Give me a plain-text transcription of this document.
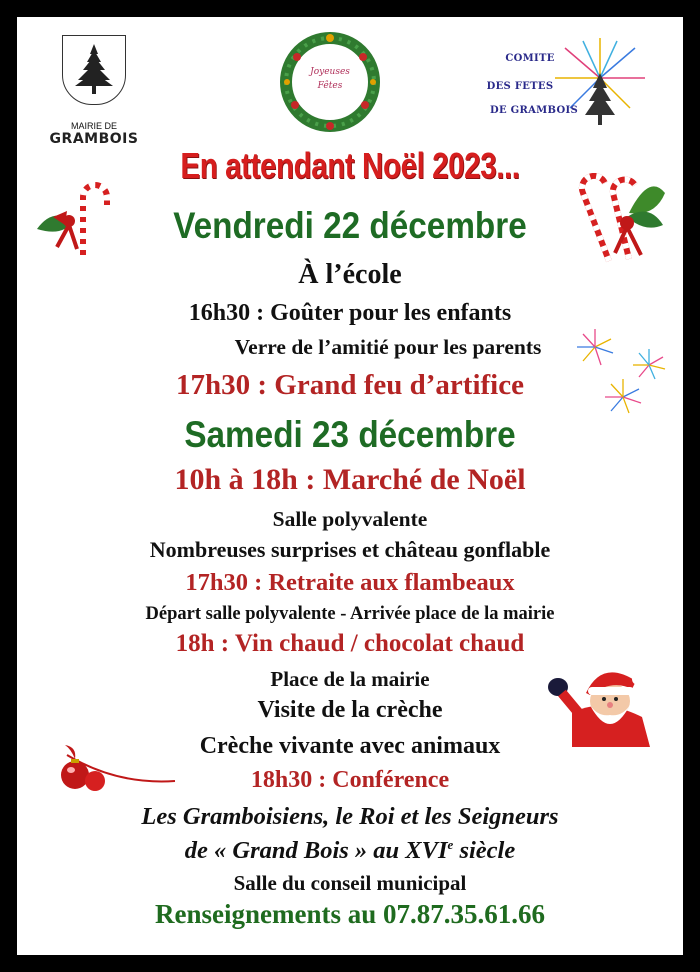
MAIRIE DE
GRAMBOIS
Joyeuses
Fêtes
COMITE
DES FETES
DE GRAMBOIS
En attendant Noël 2023...
Vendredi 22 décembre
À l’école
16h30 : Goûter pour les enfants
Verre de l’amitié pour les parents
17h30 : Grand feu d’artifice
Samedi 23 décembre
10h à 18h : Marché de Noël
Salle polyvalente
Nombreuses surprises et château gonflable
17h30 : Retraite aux flambeaux
Départ salle polyvalente - Arrivée place de la mairie
18h : Vin chaud / chocolat chaud
Place de la mairie
Visite de la crèche
Crèche vivante avec animaux
18h30 : Conférence
Les Gramboisiens, le Roi et les Seigneurs
de « Grand Bois » au XVIe siècle
Salle du conseil municipal
Renseignements au 07.87.35.61.66
